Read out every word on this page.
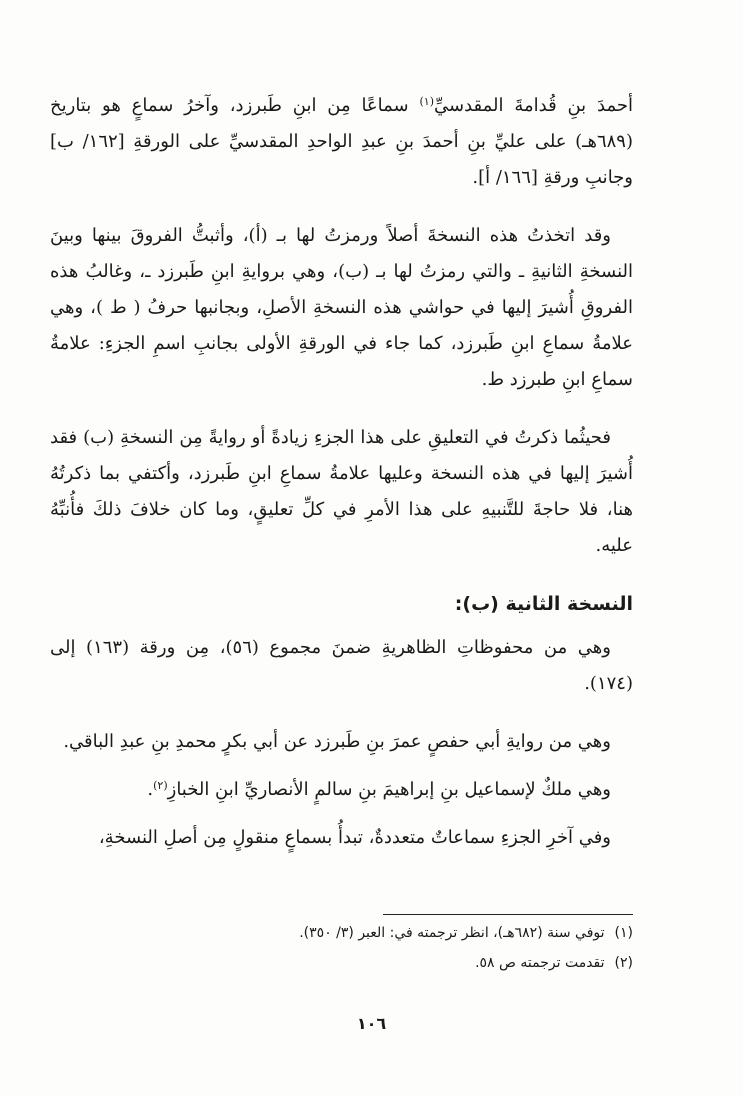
أحمدَ بنِ قُدامةَ المقدسيِّ$^{(١)}$ سماعًا مِن ابنِ طَبرزد، وآخرُ سماعٍ هو بتاريخ (٦٨٩هـ) على عليِّ بنِ أحمدَ بنِ عبدِ الواحدِ المقدسيِّ على الورقةِ [١٦٢/ ب] وجانبِ ورقةِ [١٦٦/ أ].

وقد اتخذتُ هذه النسخةَ أصلاً ورمزتُ لها بـ (أ)، وأثبتُّ الفروقَ بينها وبينَ النسخةِ الثانيةِ ـ والتي رمزتُ لها بـ (ب)، وهي بروايةِ ابنِ طَبرزد ـ، وغالبُ هذه الفروقِ أُشيرَ إليها في حواشي هذه النسخةِ الأصلِ، وبجانبها حرفُ ( ط )، وهي علامةُ سماعِ ابنِ طَبرزد، كما جاء في الورقةِ الأولى بجانبِ اسمِ الجزءِ: علامةُ سماعِ ابنِ طبرزد ط.

فحيثُما ذكرتُ في التعليقِ على هذا الجزءِ زيادةً أو روايةً مِن النسخةِ (ب) فقد أُشيرَ إليها في هذه النسخة وعليها علامةُ سماعِ ابنِ طَبرزد، وأكتفي بما ذكرتُهُ هنا، فلا حاجةَ للتَّنبيهِ على هذا الأمرِ في كلِّ تعليقٍ، وما كان خلافَ ذلكَ فأُنبِّهُ عليه.

النسخة الثانية (ب):

وهي من محفوظاتِ الظاهريةِ ضمنَ مجموع (٥٦)، مِن ورقة (١٦٣) إلى (١٧٤).

وهي من روايةِ أبي حفصٍ عمرَ بنِ طَبرزد عن أبي بكرٍ محمدِ بنِ عبدِ الباقي.

وهي ملكٌ لإسماعيل بنِ إبراهيمَ بنِ سالمٍ الأنصاريِّ ابنِ الخبازِ$^{(٢)}$.

وفي آخرِ الجزءِ سماعاتٌ متعددةٌ، تبدأُ بسماعٍ منقولٍ مِن أصلِ النسخةِ،

(١)توفي سنة (٦٨٢هـ)، انظر ترجمته في: العبر (٣/ ٣٥٠).
(٢)تقدمت ترجمته ص ٥٨.
١٠٦
